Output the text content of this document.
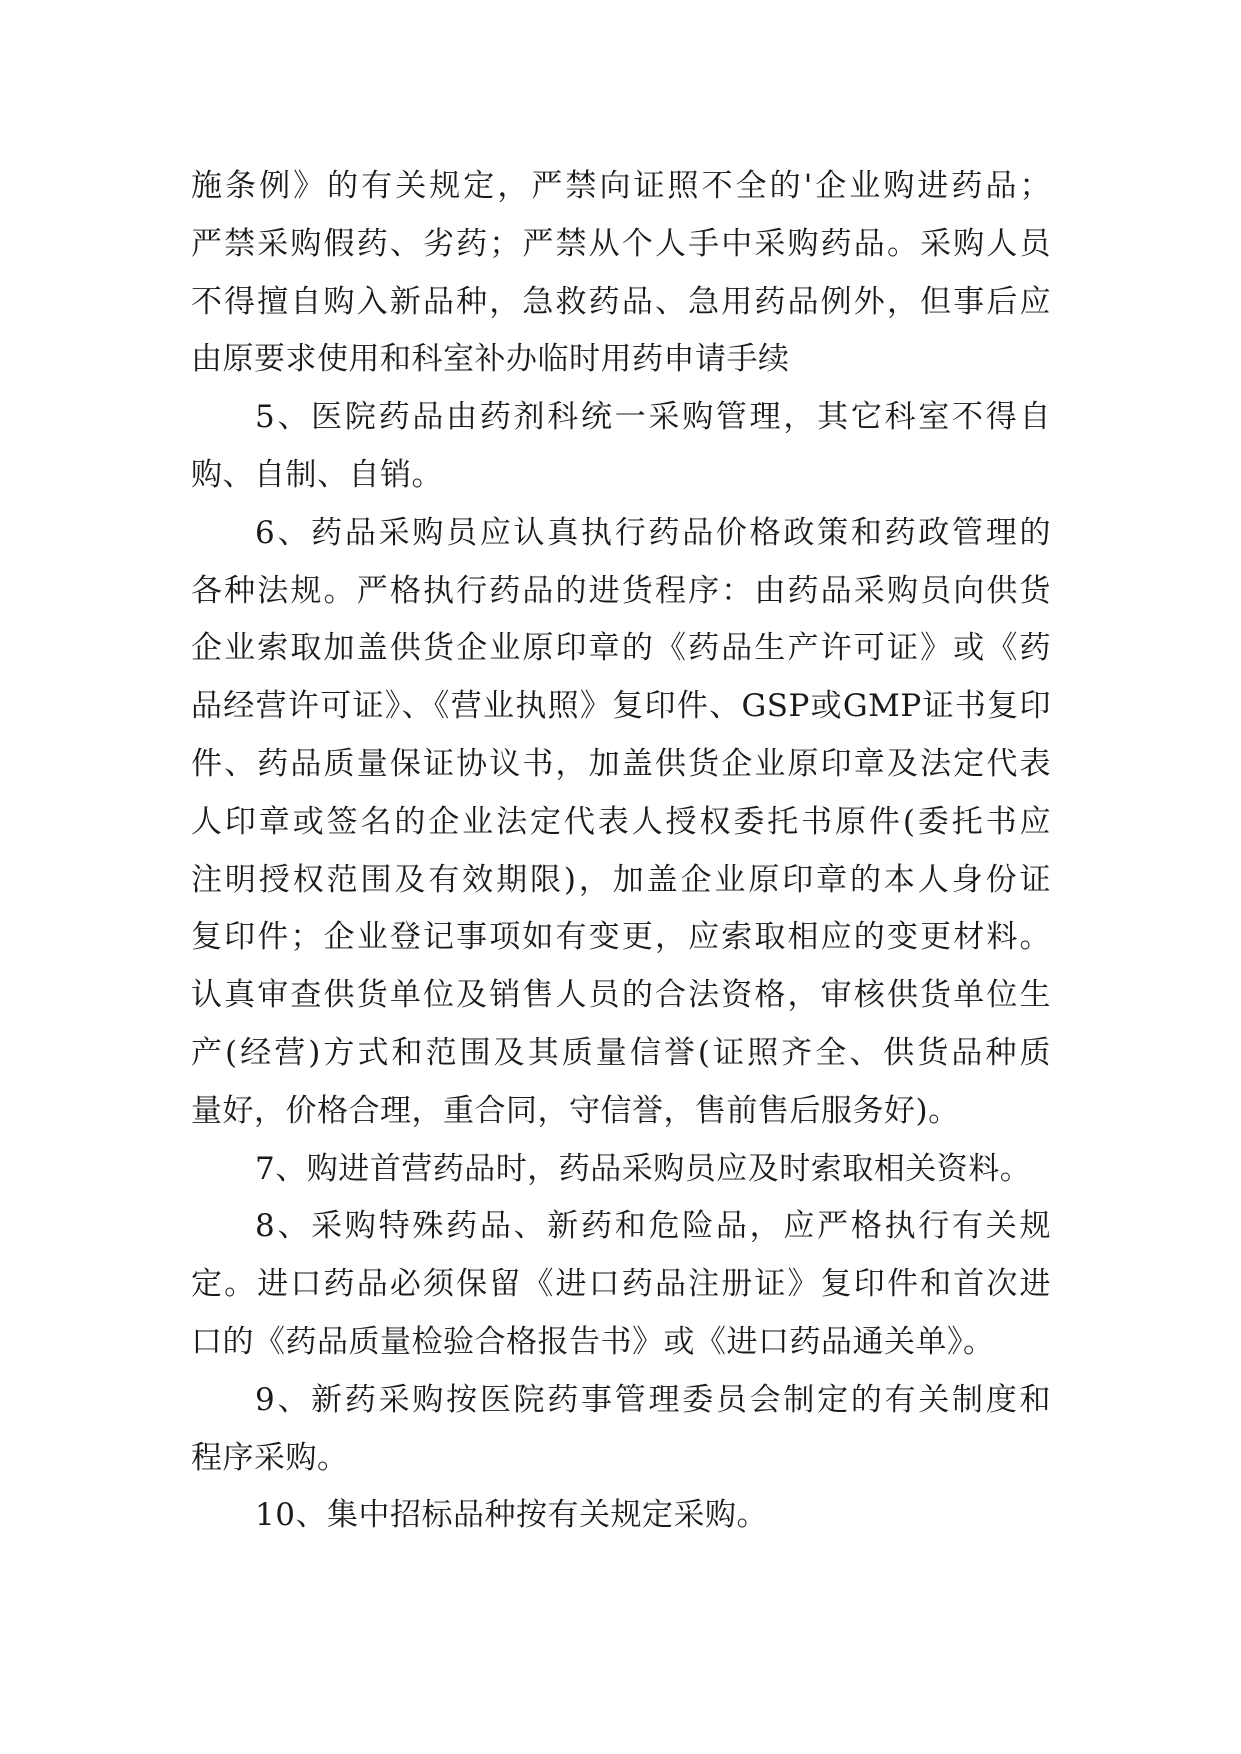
施条例》的有关规定，严禁向证照不全的'企业购进药品；
严禁采购假药、劣药；严禁从个人手中采购药品。采购人员
不得擅自购入新品种，急救药品、急用药品例外，但事后应
由原要求使用和科室补办临时用药申请手续
5、医院药品由药剂科统一采购管理，其它科室不得自
购、自制、自销。
6、药品采购员应认真执行药品价格政策和药政管理的
各种法规。严格执行药品的进货程序：由药品采购员向供货
企业索取加盖供货企业原印章的《药品生产许可证》或《药
品经营许可证》、《营业执照》复印件、GSP或GMP证书复印
件、药品质量保证协议书，加盖供货企业原印章及法定代表
人印章或签名的企业法定代表人授权委托书原件(委托书应
注明授权范围及有效期限)，加盖企业原印章的本人身份证
复印件；企业登记事项如有变更，应索取相应的变更材料。
认真审查供货单位及销售人员的合法资格，审核供货单位生
产(经营)方式和范围及其质量信誉(证照齐全、供货品种质
量好，价格合理，重合同，守信誉，售前售后服务好)。
7、购进首营药品时，药品采购员应及时索取相关资料。
8、采购特殊药品、新药和危险品，应严格执行有关规
定。进口药品必须保留《进口药品注册证》复印件和首次进
口的《药品质量检验合格报告书》或《进口药品通关单》。
9、新药采购按医院药事管理委员会制定的有关制度和
程序采购。
10、集中招标品种按有关规定采购。
